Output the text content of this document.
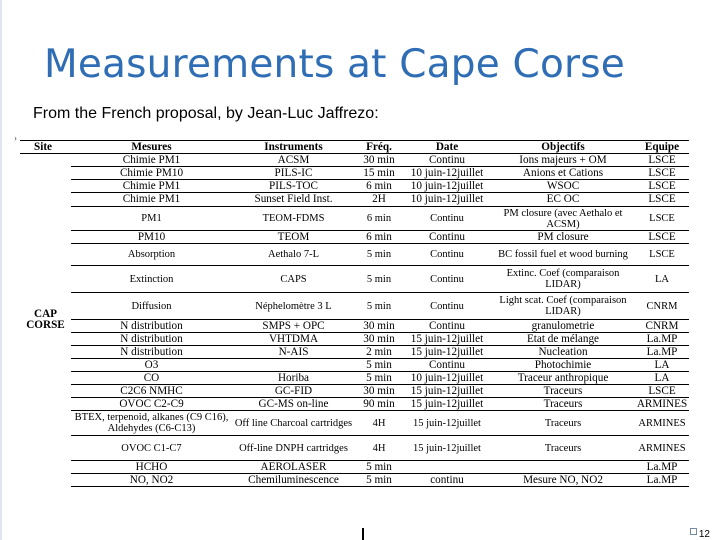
Measurements at Cape Corse
From the French proposal, by Jean-Luc Jaffrezo:
›
Site	Mesures	Instruments	Fréq.	Date	Objectifs	Equipe

CAP
CORSE	Chimie PM1	ACSM	30 min	Continu	Ions majeurs + OM	LSCE
	Chimie PM10	PILS-IC	15 min	10 juin-12juillet	Anions et Cations	LSCE
	Chimie PM1	PILS-TOC	6 min	10 juin-12juillet	WSOC	LSCE
	Chimie PM1	Sunset Field Inst.	2H	10 juin-12juillet	EC OC	LSCE
	PM1	TEOM-FDMS	6 min	Continu	PM closure (avec Aethalo et ACSM)	LSCE
	PM10	TEOM	6 min	Continu	PM closure	LSCE
	Absorption	Aethalo 7-L	5 min	Continu	BC fossil fuel et wood burning	LSCE
	Extinction	CAPS	5 min	Continu	Extinc. Coef (comparaison LIDAR)	LA
	Diffusion	Néphelomètre 3 L	5 min	Continu	Light scat. Coef (comparaison LIDAR)	CNRM
	N distribution	SMPS + OPC	30 min	Continu	granulometrie	CNRM
	N distribution	VHTDMA	30 min	15 juin-12juillet	Etat de mélange	La.MP
	N distribution	N-AIS	2 min	15 juin-12juillet	Nucleation	La.MP
	O3		5 min	Continu	Photochimie	LA
	CO	Horiba	5 min	10 juin-12juillet	Traceur anthropique	LA
	C2C6 NMHC	GC-FID	30 min	15 juin-12juillet	Traceurs	LSCE
	OVOC C2-C9	GC-MS on-line	90 min	15 juin-12juillet	Traceurs	ARMINES
	BTEX, terpenoid, alkanes (C9 C16), Aldehydes (C6-C13)	Off line Charcoal cartridges	4H	15 juin-12juillet	Traceurs	ARMINES
	OVOC C1-C7	Off-line DNPH cartridges	4H	15 juin-12juillet	Traceurs	ARMINES
	HCHO	AEROLASER	5 min			La.MP
	NO, NO2	Chemiluminescence	5 min	continu	Mesure NO, NO2	La.MP
12
